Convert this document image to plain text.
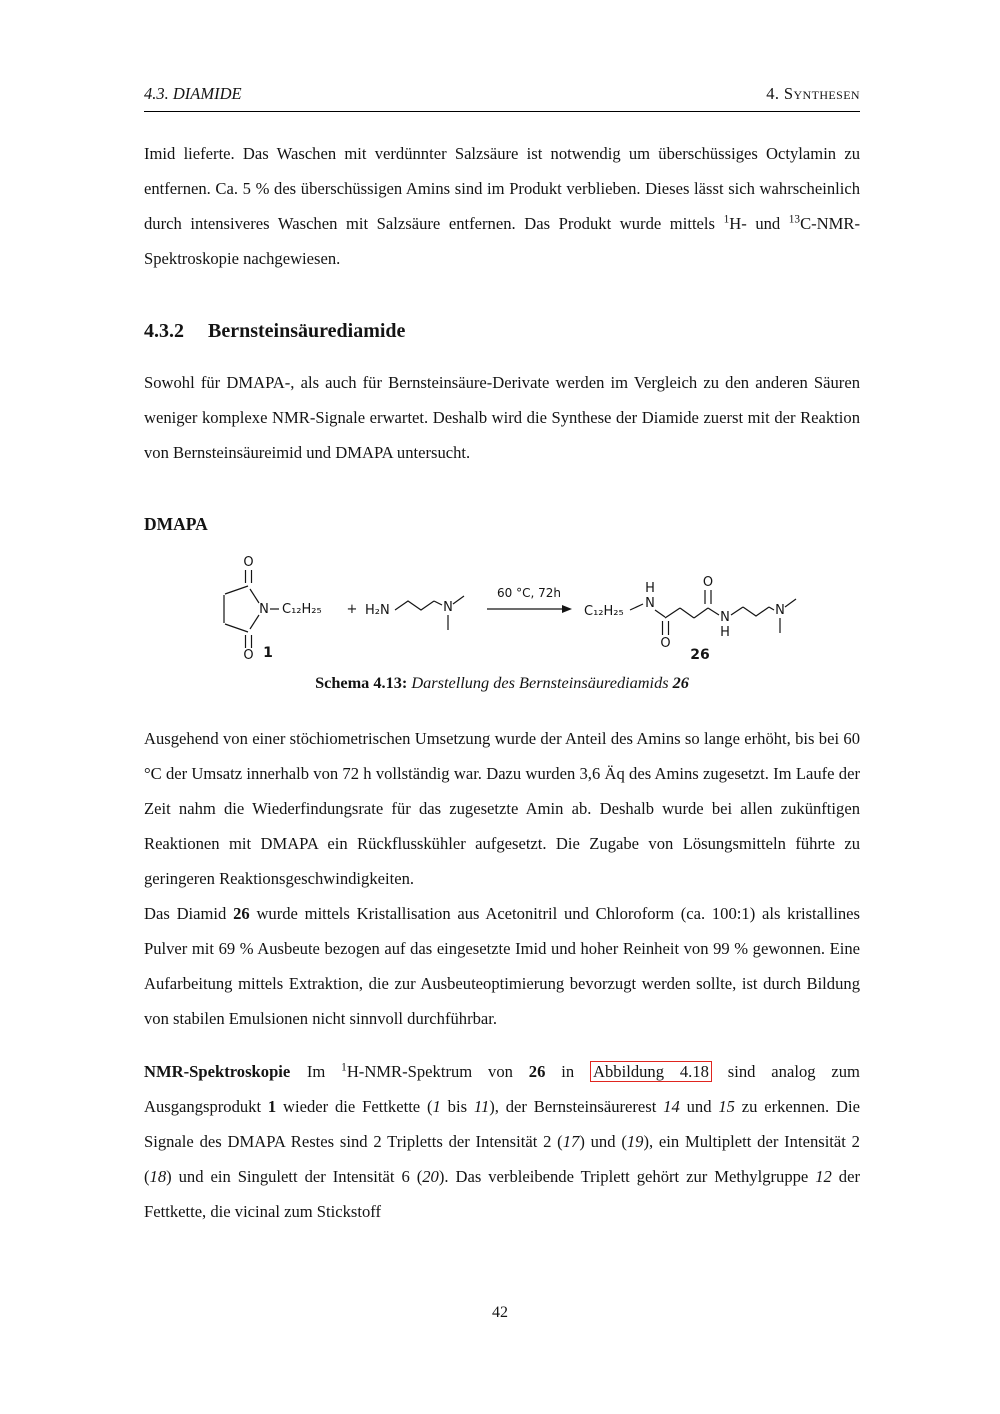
4.3. DIAMIDE	4. Synthesen

Imid lieferte. Das Waschen mit verdünnter Salzsäure ist notwendig um überschüssiges Octylamin zu entfernen. Ca. 5 % des überschüssigen Amins sind im Produkt verblieben. Dieses lässt sich wahrscheinlich durch intensiveres Waschen mit Salzsäure entfernen. Das Produkt wurde mittels $^1$H- und $^{13}$C-NMR-Spektroskopie nachgewiesen.

4.3.2 Bernsteinsäurediamide

Sowohl für DMAPA-, als auch für Bernsteinsäure-Derivate werden im Vergleich zu den anderen Säuren weniger komplexe NMR-Signale erwartet. Deshalb wird die Synthese der Diamide zuerst mit der Reaktion von Bernsteinsäureimid und DMAPA untersucht.

DMAPA
O
O
N C₁₂H₂₅
1
+ H₂N	N
60 °C, 72h
C₁₂H₂₅
N
H
O
O
N
H
N
26
Schema 4.13: Darstellung des Bernsteinsäurediamids 26

Ausgehend von einer stöchiometrischen Umsetzung wurde der Anteil des Amins so lange erhöht, bis bei 60 °C der Umsatz innerhalb von 72 h vollständig war. Dazu wurden 3,6 Äq des Amins zugesetzt. Im Laufe der Zeit nahm die Wiederfindungsrate für das zugesetzte Amin ab. Deshalb wurde bei allen zukünftigen Reaktionen mit DMAPA ein Rückflusskühler aufgesetzt. Die Zugabe von Lösungsmitteln führte zu geringeren Reaktionsgeschwindigkeiten.

Das Diamid 26 wurde mittels Kristallisation aus Acetonitril und Chloroform (ca. 100:1) als kristallines Pulver mit 69 % Ausbeute bezogen auf das eingesetzte Imid und hoher Reinheit von 99 % gewonnen. Eine Aufarbeitung mittels Extraktion, die zur Ausbeuteoptimierung bevorzugt werden sollte, ist durch Bildung von stabilen Emulsionen nicht sinnvoll durchführbar.

NMR-Spektroskopie Im $^1$H-NMR-Spektrum von 26 in Abbildung 4.18 sind analog zum Ausgangsprodukt 1 wieder die Fettkette (1 bis 11), der Bernsteinsäurerest 14 und 15 zu erkennen. Die Signale des DMAPA Restes sind 2 Tripletts der Intensität 2 (17) und (19), ein Multiplett der Intensität 2 (18) und ein Singulett der Intensität 6 (20). Das verbleibende Triplett gehört zur Methylgruppe 12 der Fettkette, die vicinal zum Stickstoff

42
